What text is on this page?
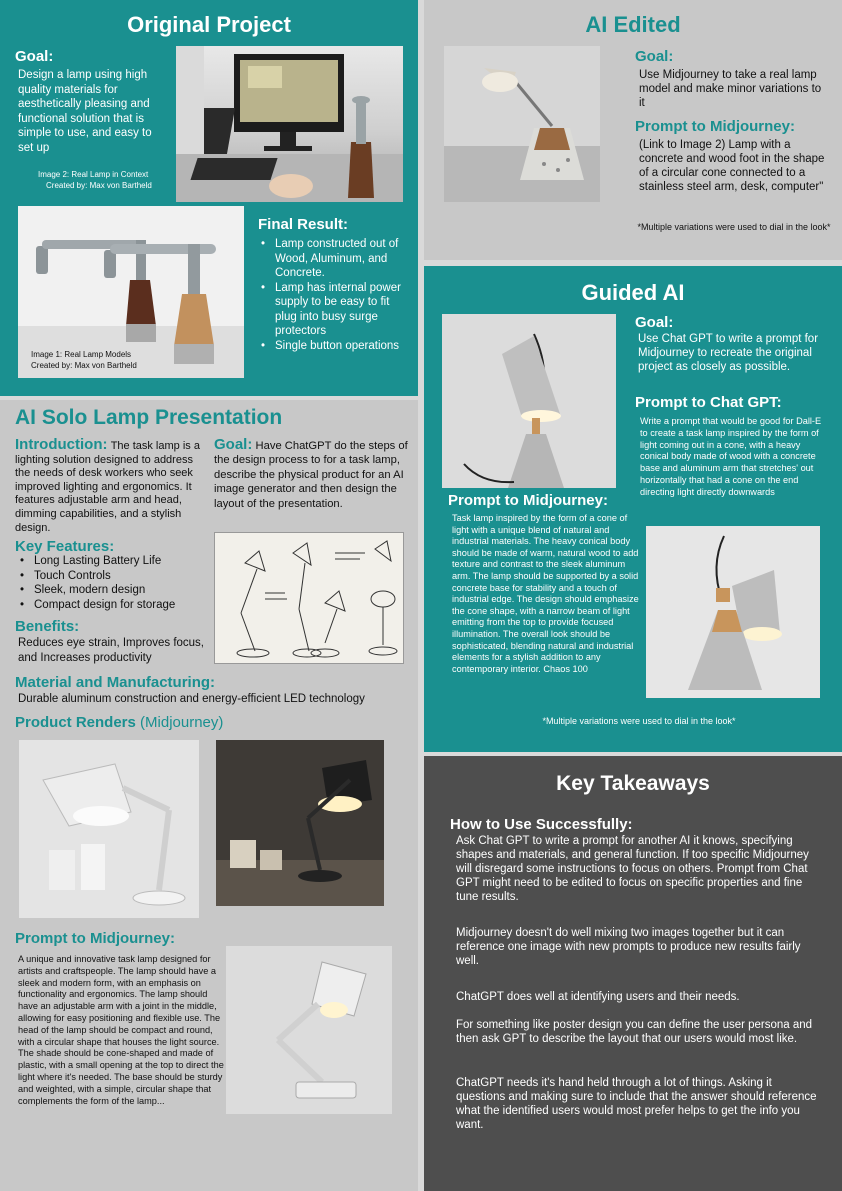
Original Project
Goal:
Design a lamp using high quality materials for aesthetically pleasing and functional solution that is simple to use, and easy to set up
Image 2: Real Lamp in Context
Created by: Max von Bartheld
Image 1: Real Lamp Models
Created by: Max von Bartheld
Final Result:
• Lamp constructed out of Wood, Aluminum, and Concrete.
• Lamp has internal power supply to be easy to fit plug into busy surge protectors
• Single button operations
AI Edited
Goal:
Use Midjourney to take a real lamp model and make minor variations to it
Prompt to Midjourney:
(Link to Image 2) Lamp with a concrete and wood foot in the shape of a circular cone connected to a stainless steel arm, desk, computer"
*Multiple variations were used to dial in the look*
Guided AI
Goal:
Use Chat GPT to write a prompt for Midjourney to recreate the original project as closely as possible.
Prompt to Chat GPT:
Write a prompt that would be good for Dall-E to create a task lamp inspired by the form of light coming out in a cone, with a heavy conical body made of wood with a concrete base and aluminum arm that stretches' out horizontally that had a cone on the end directing light directly downwards
Prompt to Midjourney:
Task lamp inspired by the form of a cone of light with a unique blend of natural and industrial materials. The heavy conical body should be made of warm, natural wood to add texture and contrast to the sleek aluminum arm. The lamp should be supported by a solid concrete base for stability and a touch of industrial edge. The design should emphasize the cone shape, with a narrow beam of light emitting from the top to provide focused illumination. The overall look should be sophisticated, blending natural and industrial elements for a stylish addition to any contemporary interior. Chaos 100
*Multiple variations were used to dial in the look*
AI Solo Lamp Presentation
Introduction: The task lamp is a lighting solution designed to address the needs of desk workers who seek improved lighting and ergonomics. It features adjustable arm and head, dimming capabilities, and a stylish design.
Goal: Have ChatGPT do the steps of the design process to for a task lamp, describe the physical product for an AI image generator and then design the layout of the presentation.
Key Features:
• Long Lasting Battery Life
• Touch Controls
• Sleek, modern design
• Compact design for storage
Benefits:
Reduces eye strain, Improves focus, and Increases productivity
Material and Manufacturing:
Durable aluminum construction and energy-efficient LED technology
Product Renders (Midjourney)
Prompt to Midjourney:
A unique and innovative task lamp designed for artists and craftspeople. The lamp should have a sleek and modern form, with an emphasis on functionality and ergonomics. The lamp should have an adjustable arm with a joint in the middle, allowing for easy positioning and flexible use. The head of the lamp should be compact and round, with a circular shape that houses the light source. The shade should be cone-shaped and made of plastic, with a small opening at the top to direct the light where it's needed. The base should be sturdy and weighted, with a simple, circular shape that complements the form of the lamp...
Key Takeaways
How to Use Successfully:
Ask Chat GPT to write a prompt for another AI it knows, specifying shapes and materials, and general function. If too specific Midjourney will disregard some instructions to focus on others. Prompt from Chat GPT might need to be edited to focus on specific properties and fine tune results.
Midjourney doesn't do well mixing two images together but it can reference one image with new prompts to produce new results fairly well.
ChatGPT does well at identifying users and their needs.
For something like poster design you can define the user persona and then ask GPT to describe the layout that our users would most like.
ChatGPT needs it's hand held through a lot of things. Asking it questions and making sure to include that the answer should reference what the identified users would most prefer helps to get the info you want.
